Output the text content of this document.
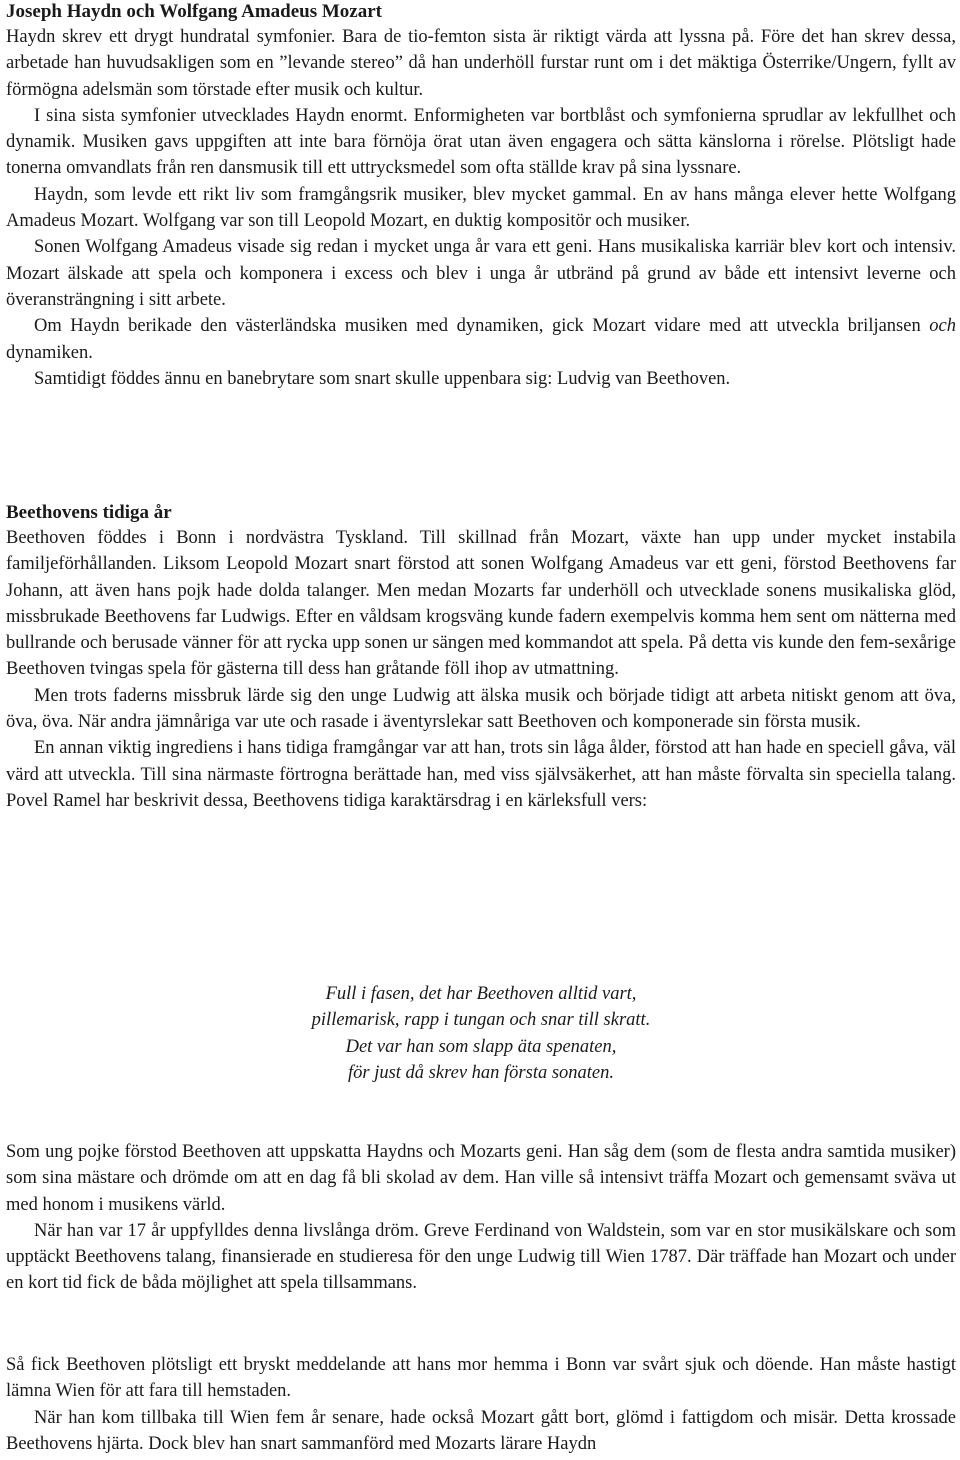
Joseph Haydn och Wolfgang Amadeus Mozart

Haydn skrev ett drygt hundratal symfonier. Bara de tio-femton sista är riktigt värda att lyssna på. Före det han skrev dessa, arbetade han huvudsakligen som en ”levande stereo” då han underhöll furstar runt om i det mäktiga Österrike/Ungern, fyllt av förmögna adelsmän som törstade efter musik och kultur.

I sina sista symfonier utvecklades Haydn enormt. Enformigheten var bortblåst och symfonierna sprudlar av lekfullhet och dynamik. Musiken gavs uppgiften att inte bara förnöja örat utan även engagera och sätta känslorna i rörelse. Plötsligt hade tonerna omvandlats från ren dansmusik till ett uttrycksmedel som ofta ställde krav på sina lyssnare.

Haydn, som levde ett rikt liv som framgångsrik musiker, blev mycket gammal. En av hans många elever hette Wolfgang Amadeus Mozart. Wolfgang var son till Leopold Mozart, en duktig kompositör och musiker.

Sonen Wolfgang Amadeus visade sig redan i mycket unga år vara ett geni. Hans musikaliska karriär blev kort och intensiv. Mozart älskade att spela och komponera i excess och blev i unga år utbränd på grund av både ett intensivt leverne och överansträngning i sitt arbete.

Om Haydn berikade den västerländska musiken med dynamiken, gick Mozart vidare med att utveckla briljansen och dynamiken.

Samtidigt föddes ännu en banebrytare som snart skulle uppenbara sig: Ludvig van Beethoven.

Beethovens tidiga år

Beethoven föddes i Bonn i nordvästra Tyskland. Till skillnad från Mozart, växte han upp under mycket instabila familjeförhållanden. Liksom Leopold Mozart snart förstod att sonen Wolfgang Amadeus var ett geni, förstod Beethovens far Johann, att även hans pojk hade dolda talanger. Men medan Mozarts far underhöll och utvecklade sonens musikaliska glöd, missbrukade Beethovens far Ludwigs. Efter en våldsam krogsväng kunde fadern exempelvis komma hem sent om nätterna med bullrande och berusade vänner för att rycka upp sonen ur sängen med kommandot att spela. På detta vis kunde den fem-sexårige Beethoven tvingas spela för gästerna till dess han gråtande föll ihop av utmattning.

Men trots faderns missbruk lärde sig den unge Ludwig att älska musik och började tidigt att arbeta nitiskt genom att öva, öva, öva. När andra jämnåriga var ute och rasade i äventyrslekar satt Beethoven och komponerade sin första musik.

En annan viktig ingrediens i hans tidiga framgångar var att han, trots sin låga ålder, förstod att han hade en speciell gåva, väl värd att utveckla. Till sina närmaste förtrogna berättade han, med viss självsäkerhet, att han måste förvalta sin speciella talang. Povel Ramel har beskrivit dessa, Beethovens tidiga karaktärsdrag i en kärleksfull vers:

Full i fasen, det har Beethoven alltid vart,
pillemarisk, rapp i tungan och snar till skratt.
Det var han som slapp äta spenaten,
för just då skrev han första sonaten.

Som ung pojke förstod Beethoven att uppskatta Haydns och Mozarts geni. Han såg dem (som de flesta andra samtida musiker) som sina mästare och drömde om att en dag få bli skolad av dem. Han ville så intensivt träffa Mozart och gemensamt sväva ut med honom i musikens värld.

När han var 17 år uppfylldes denna livslånga dröm. Greve Ferdinand von Waldstein, som var en stor musikälskare och som upptäckt Beethovens talang, finansierade en studieresa för den unge Ludwig till Wien 1787. Där träffade han Mozart och under en kort tid fick de båda möjlighet att spela tillsammans.

Så fick Beethoven plötsligt ett bryskt meddelande att hans mor hemma i Bonn var svårt sjuk och döende. Han måste hastigt lämna Wien för att fara till hemstaden.

När han kom tillbaka till Wien fem år senare, hade också Mozart gått bort, glömd i fattigdom och misär. Detta krossade Beethovens hjärta. Dock blev han snart sammanförd med Mozarts lärare Haydn
